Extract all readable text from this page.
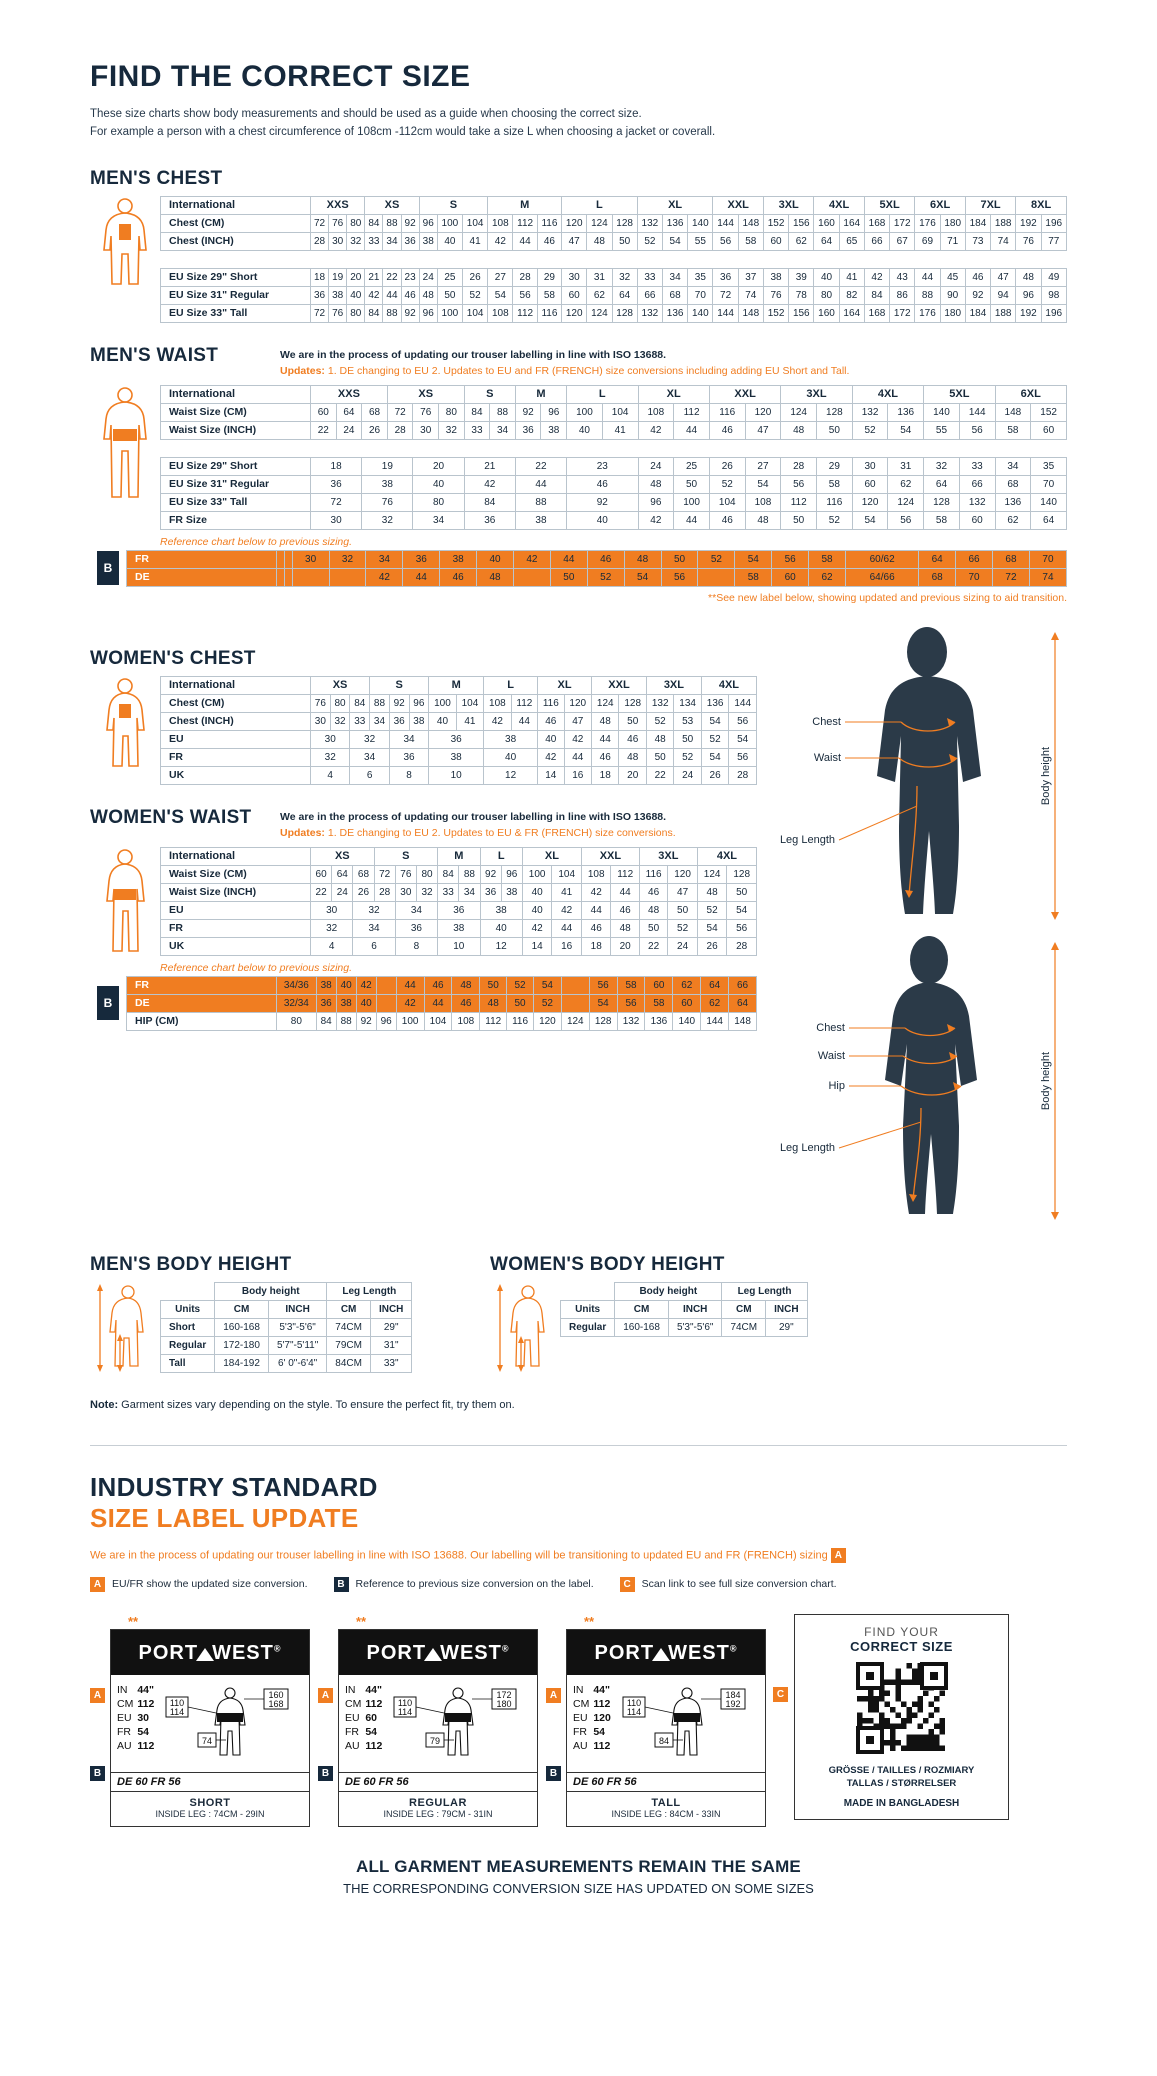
FIND THE CORRECT SIZE
These size charts show body measurements and should be used as a guide when choosing the correct size.
For example a person with a chest circumference of 108cm -112cm would take a size L when choosing a jacket or coverall.
MEN'S CHEST
International	XXS			XS			S			M			L			XL			XXL		3XL		4XL		5XL		6XL		7XL		8XL	
Chest (CM)	72	76	80	84	88	92	96	100	104	108	112	116	120	124	128	132	136	140	144	148	152	156	160	164	168	172	176	180	184	188	192	196
Chest (INCH)	28	30	32	33	34	36	38	40	41	42	44	46	47	48	50	52	54	55	56	58	60	62	64	65	66	67	69	71	73	74	76	77

EU Size 29" Short	18	19	20	21	22	23	24	25	26	27	28	29	30	31	32	33	34	35	36	37	38	39	40	41	42	43	44	45	46	47	48	49
EU Size 31" Regular	36	38	40	42	44	46	48	50	52	54	56	58	60	62	64	66	68	70	72	74	76	78	80	82	84	86	88	90	92	94	96	98
EU Size 33" Tall	72	76	80	84	88	92	96	100	104	108	112	116	120	124	128	132	136	140	144	148	152	156	160	164	168	172	176	180	184	188	192	196
MEN'S WAIST	We are in the process of updating our trouser labelling in line with ISO 13688.
Updates: 1. DE changing to EU 2. Updates to EU and FR (FRENCH) size conversions including adding EU Short and Tall.
International	XXS			XS			S		M		L		XL		XXL		3XL		4XL		5XL		6XL	
Waist Size (CM)	60	64	68	72	76	80	84	88	92	96	100	104	108	112	116	120	124	128	132	136	140	144	148	152
Waist Size (INCH)	22	24	26	28	30	32	33	34	36	38	40	41	42	44	46	47	48	50	52	54	55	56	58	60

EU Size 29" Short	18		19		20		21		22		23		24	25	26	27	28	29	30	31	32	33	34	35
EU Size 31" Regular	36		38		40		42		44		46		48	50	52	54	56	58	60	62	64	66	68	70
EU Size 33" Tall	72		76		80		84		88		92		96	100	104	108	112	116	120	124	128	132	136	140
FR Size	30		32		34		36		38		40		42	44	46	48	50	52	54	56	58	60	62	64
Reference chart below to previous sizing.
B
FR			30	32	34	36	38	40	42	44	46	48	50	52	54	56	58	60/62	64	66	68	70
DE					42	44	46	48		50	52	54	56		58	60	62	64/66	68	70	72	74
**See new label below, showing updated and previous sizing to aid transition.
WOMEN'S CHEST
International	XS			S			M		L		XL		XXL		3XL		4XL	
Chest (CM)	76	80	84	88	92	96	100	104	108	112	116	120	124	128	132	134	136	144
Chest (INCH)	30	32	33	34	36	38	40	41	42	44	46	47	48	50	52	53	54	56
EU	30		32		34		36		38		40	42	44	46	48	50	52	54
FR	32		34		36		38		40		42	44	46	48	50	52	54	56
UK	4		6		8		10		12		14	16	18	20	22	24	26	28
WOMEN'S WAIST	We are in the process of updating our trouser labelling in line with ISO 13688.
Updates: 1. DE changing to EU 2. Updates to EU & FR (FRENCH) size conversions.
International	XS			S			M		L		XL		XXL		3XL		4XL	
Waist Size (CM)	60	64	68	72	76	80	84	88	92	96	100	104	108	112	116	120	124	128
Waist Size (INCH)	22	24	26	28	30	32	33	34	36	38	40	41	42	44	46	47	48	50
EU	30		32		34		36		38		40	42	44	46	48	50	52	54
FR	32		34		36		38		40		42	44	46	48	50	52	54	56
UK	4		6		8		10		12		14	16	18	20	22	24	26	28
Reference chart below to previous sizing.
B
FR	34/36	38	40	42		44	46	48	50	52	54		56	58	60	62	64	66
DE	32/34	36	38	40		42	44	46	48	50	52		54	56	58	60	62	64
HIP (CM)	80	84	88	92	96	100	104	108	112	116	120	124	128	132	136	140	144	148
Chest
Waist
Leg Length
Body height
Chest
Waist
Hip
Leg Length
Body height
MEN'S BODY HEIGHT
	Body height		Leg Length	
Units	CM	INCH	CM	INCH
Short	160-168	5'3"-5'6"	74CM	29"
Regular	172-180	5'7"-5'11"	79CM	31"
Tall	184-192	6' 0"-6'4"	84CM	33"
WOMEN'S BODY HEIGHT
	Body height		Leg Length	
Units	CM	INCH	CM	INCH
Regular	160-168	5'3"-5'6"	74CM	29"
Note: Garment sizes vary depending on the style. To ensure the perfect fit, try them on.
INDUSTRY STANDARD
SIZE LABEL UPDATE
We are in the process of updating our trouser labelling in line with ISO 13688. Our labelling will be transitioning to updated EU and FR (FRENCH) sizing A
A	EU/FR show the updated size conversion.	B	Reference to previous size conversion on the label.	C	Scan link to see full size conversion chart.
**
PORT WEST®
IN	44"
CM	112
EU	30
FR	54
AU	112
110
114
160
168
74
DE 60 FR 56
SHORT
INSIDE LEG : 74CM - 29IN
A
B
**
PORT WEST®
IN	44"
CM	112
EU	60
FR	54
AU	112
110
114
172
180
79
DE 60 FR 56
REGULAR
INSIDE LEG : 79CM - 31IN
A
B
**
PORT WEST®
IN	44"
CM	112
EU	120
FR	54
AU	112
110
114
184
192
84
DE 60 FR 56
TALL
INSIDE LEG : 84CM - 33IN
A
B
FIND YOUR
CORRECT SIZE
GRÖSSE / TAILLES / ROZMIARY
TALLAS / STØRRELSER
MADE IN BANGLADESH
C
ALL GARMENT MEASUREMENTS REMAIN THE SAME
THE CORRESPONDING CONVERSION SIZE HAS UPDATED ON SOME SIZES
